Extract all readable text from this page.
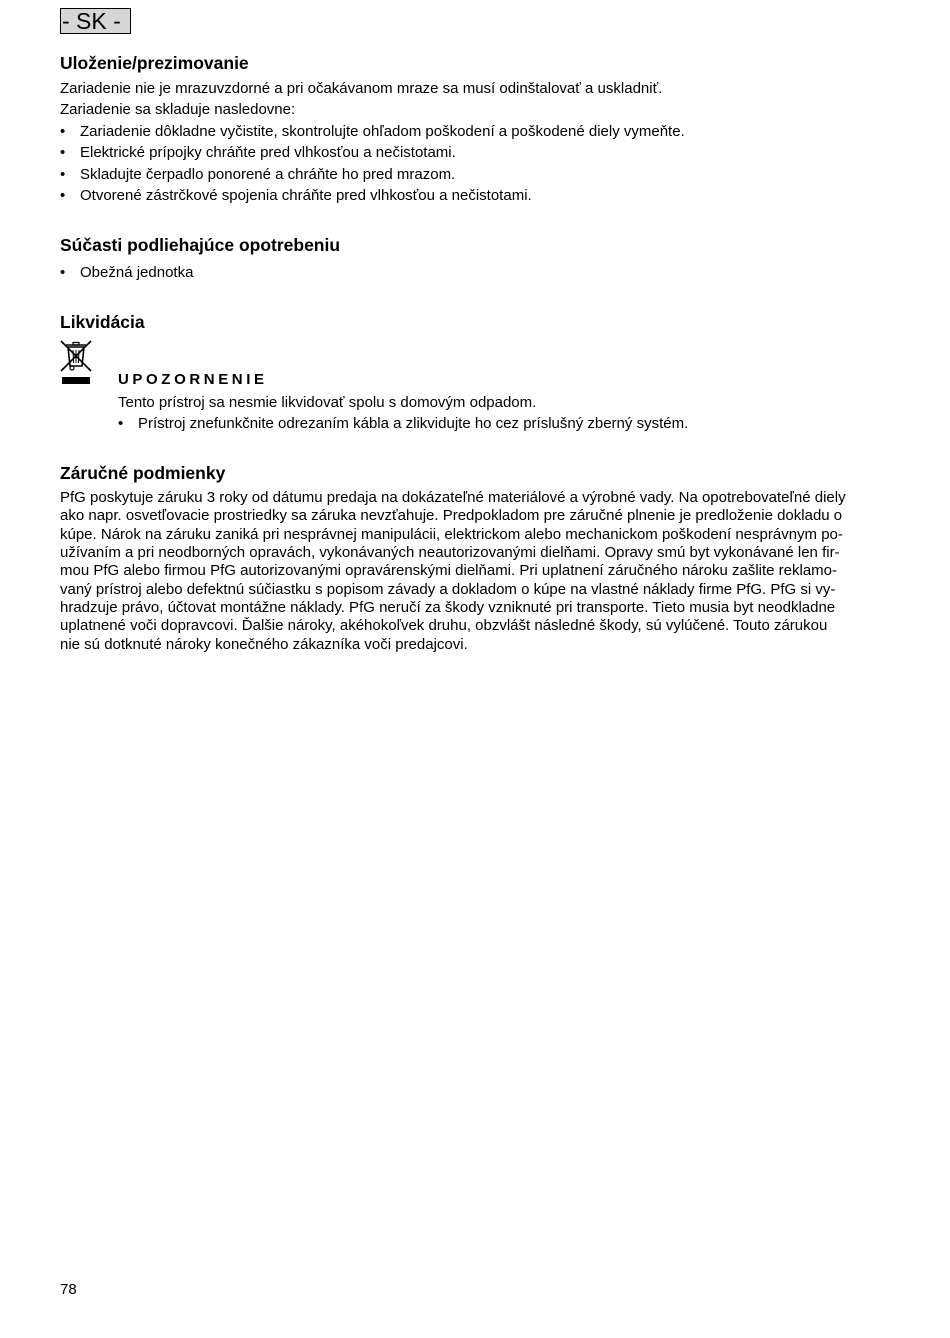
- SK -
Uloženie/prezimovanie
Zariadenie nie je mrazuvzdorné a pri očakávanom mraze sa musí odinštalovať a uskladniť.
Zariadenie sa skladuje nasledovne:
• Zariadenie dôkladne vyčistite, skontrolujte ohľadom poškodení a poškodené diely vymeňte.
• Elektrické prípojky chráňte pred vlhkosťou a nečistotami.
• Skladujte čerpadlo ponorené a chráňte ho pred mrazom.
• Otvorené zástrčkové spojenia chráňte pred vlhkosťou a nečistotami.
Súčasti podliehajúce opotrebeniu
• Obežná jednotka
Likvidácia
UPOZORNENIE
Tento prístroj sa nesmie likvidovať spolu s domovým odpadom.
• Prístroj znefunkčnite odrezaním kábla a zlikvidujte ho cez príslušný zberný systém.
Záručné podmienky
PfG poskytuje záruku 3 roky od dátumu predaja na dokázateľné materiálové a výrobné vady. Na opotrebovateľné diely
ako napr. osvetľovacie prostriedky sa záruka nevzťahuje. Predpokladom pre záručné plnenie je predloženie dokladu o
kúpe. Nárok na záruku zaniká pri nesprávnej manipulácii, elektrickom alebo mechanickom poškodení nesprávnym po-
užívaním a pri neodborných opravách, vykonávaných neautorizovanými dielňami. Opravy smú byt vykonávané len fir-
mou PfG alebo firmou PfG autorizovanými opravárenskými dielňami. Pri uplatnení záručného nároku zašlite reklamo-
vaný prístroj alebo defektnú súčiastku s popisom závady a dokladom o kúpe na vlastné náklady firme PfG. PfG si vy-
hradzuje právo, účtovat montážne náklady. PfG neručí za škody vzniknuté pri transporte. Tieto musia byt neodkladne
uplatnené voči dopravcovi. Ďalšie nároky, akéhokoľvek druhu, obzvlášt následné škody, sú vylúčené. Touto zárukou
nie sú dotknuté nároky konečného zákazníka voči predajcovi.
78
